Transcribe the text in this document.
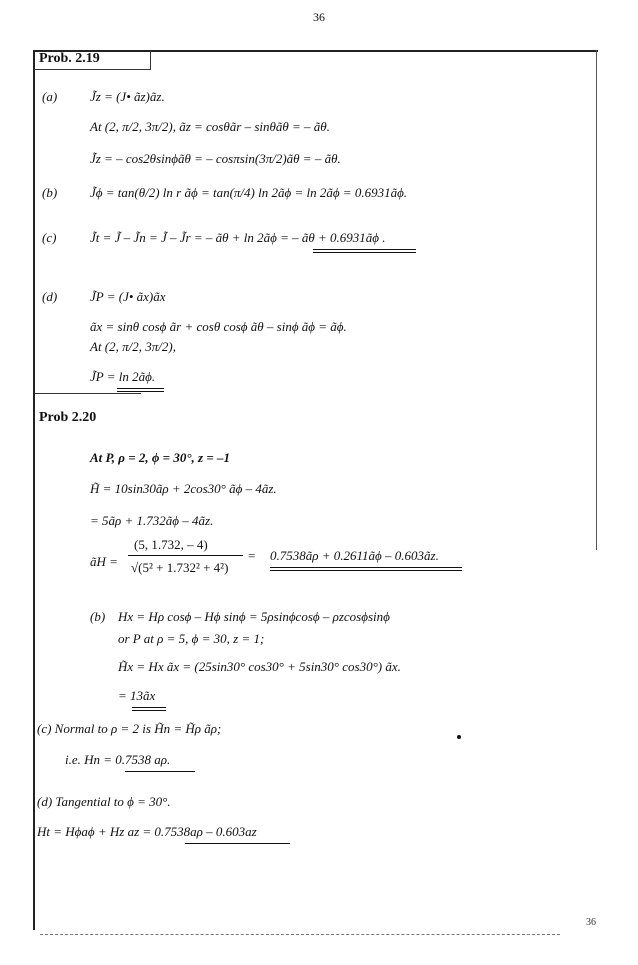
36
Prob. 2.19
(a)	J̃z = (J• ãz)ãz.
At (2, π/2, 3π/2), ãz = cosθãr – sinθãθ = – ãθ.
J̃z = – cos2θsinϕãθ = – cosπsin(3π/2)ãθ = – ãθ.
(b)	J̃ϕ = tan(θ/2) ln r ãϕ = tan(π/4) ln 2ãϕ = ln 2ãϕ = 0.6931ãϕ.
(c)	J̃t = J̃ – J̃n = J̃ – J̃r = – ãθ + ln 2ãϕ = – ãθ + 0.6931ãϕ .
(d)	J̃P = (J• ãx)ãx
ãx = sinθ cosϕ ãr + cosθ cosϕ ãθ – sinϕ ãϕ = ãϕ.
At (2, π/2, 3π/2),
J̃P = ln 2ãϕ.
Prob 2.20
At P, ρ = 2, ϕ = 30°, z = –1
H̃ = 10sin30ãρ + 2cos30° ãϕ – 4ãz.
= 5ãρ + 1.732ãϕ – 4ãz.
ãH =
(5, 1.732, – 4)
√(5² + 1.732² + 4²)
= 0.7538ãρ + 0.2611ãϕ – 0.603ãz.
(b) Hx = Hρ cosϕ – Hϕ sinϕ = 5ρsinϕcosϕ – ρzcosϕsinϕ
or P at ρ = 5, ϕ = 30, z = 1;
H̃x = Hx ãx = (25sin30° cos30° + 5sin30° cos30°) ãx.
= 13ãx
(c) Normal to ρ = 2 is H̃n = H̃ρ ãρ;
i.e. Hn = 0.7538 aρ.
(d) Tangential to ϕ = 30°.
Ht = Hϕaϕ + Hz az = 0.7538aρ – 0.603az
36
